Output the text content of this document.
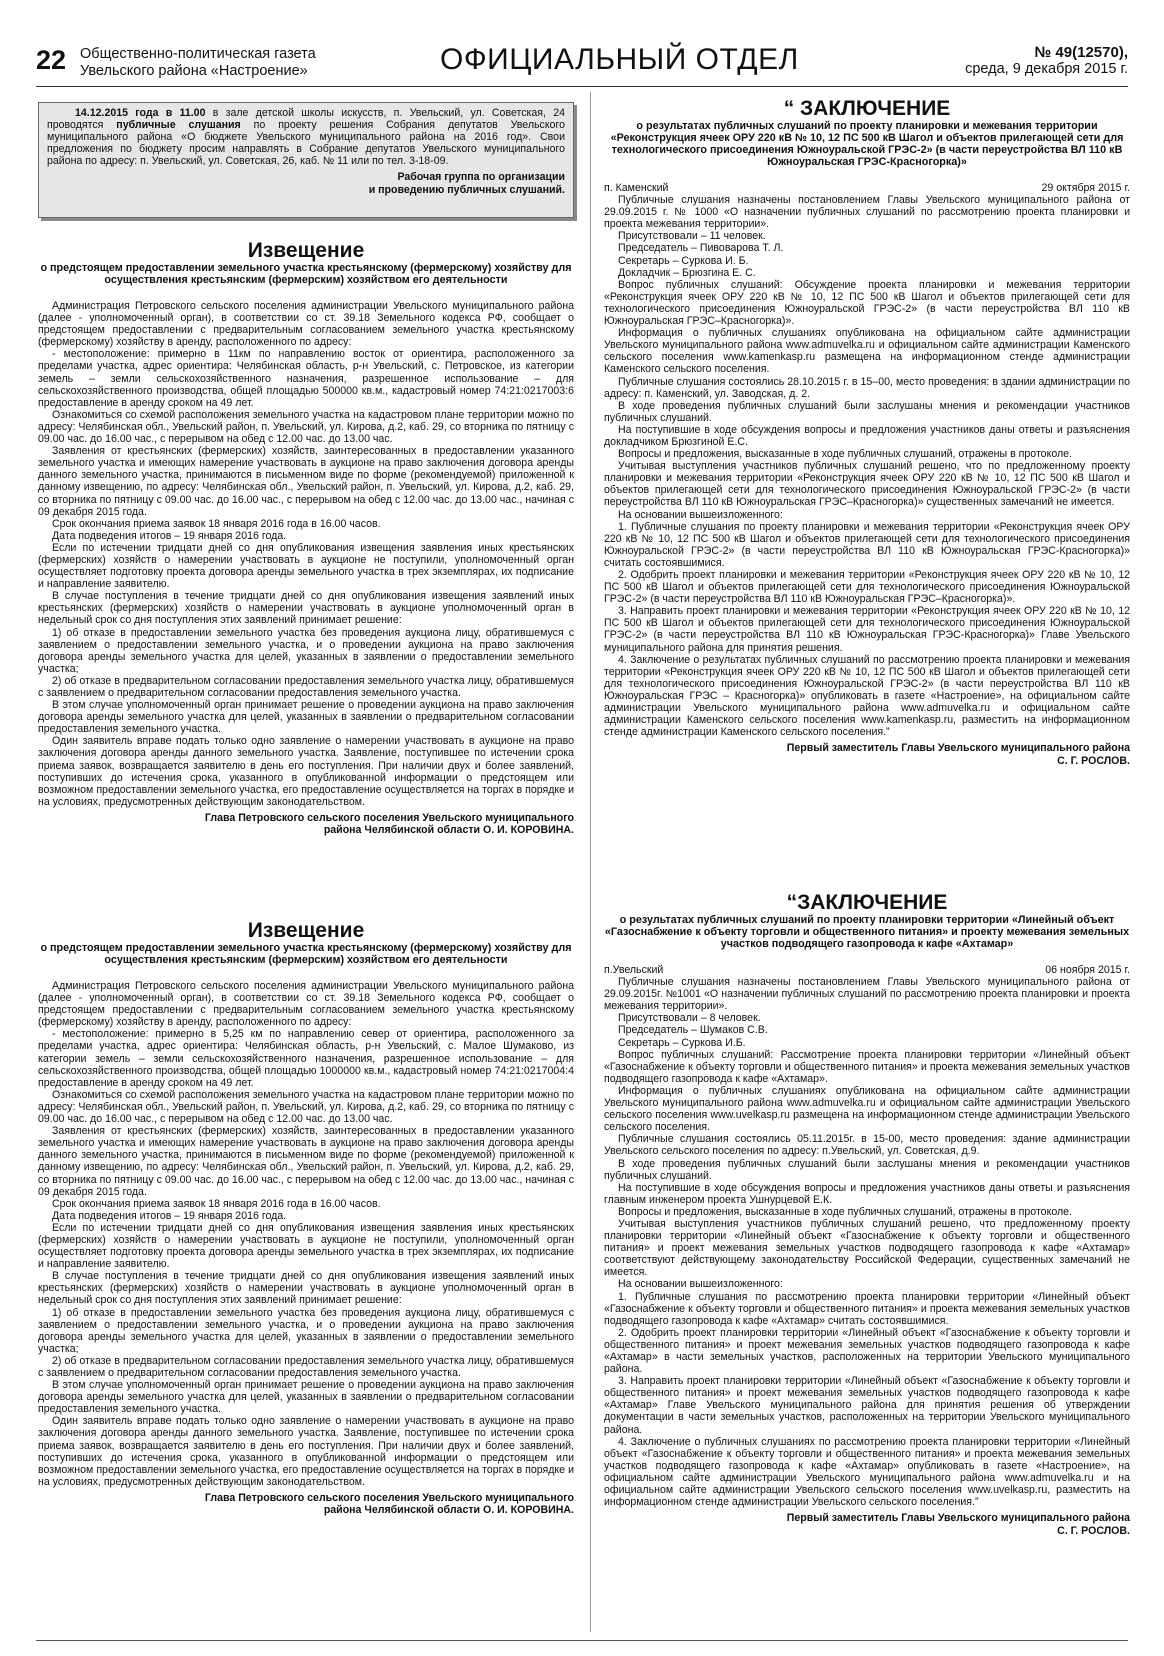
22 Общественно-политическая газета
Увельского района «Настроение»	ОФИЦИАЛЬНЫЙ ОТДЕЛ	№ 49(12570),
среда, 9 декабря 2015 г.

14.12.2015 года в 11.00 в зале детской школы искусств, п. Увельский, ул. Советская, 24 проводятся публичные слушания по проекту решения Собрания депутатов Увельского муниципального района «О бюджете Увельского муниципального района на 2016 год». Свои предложения по бюджету просим направлять в Собрание депутатов Увельского муниципального района по адресу: п. Увельский, ул. Советская, 26, каб. № 11 или по тел. 3-18-09.

Рабочая группа по организации
и проведению публичных слушаний.

Извещение
о предстоящем предоставлении земельного участка крестьянскому (фермерскому) хозяйству для осуществления крестьянским (фермерским) хозяйством его деятельности

Администрация Петровского сельского поселения администрации Увельского муниципального района (далее - уполномоченный орган), в соответствии со ст. 39.18 Земельного кодекса РФ, сообщает о предстоящем предоставлении с предварительным согласованием земельного участка крестьянскому (фермерскому) хозяйству в аренду, расположенного по адресу:

- местоположение: примерно в 11км по направлению восток от ориентира, расположенного за пределами участка, адрес ориентира: Челябинская область, р-н Увельский, с. Петровское, из категории земель – земли сельскохозяйственного назначения, разрешенное использование – для сельскохозяйственного производства, общей площадью 500000 кв.м., кадастровый номер 74:21:0217003:6 предоставление в аренду сроком на 49 лет.

Ознакомиться со схемой расположения земельного участка на кадастровом плане территории можно по адресу: Челябинская обл., Увельский район, п. Увельский, ул. Кирова, д.2, каб. 29, со вторника по пятницу с 09.00 час. до 16.00 час., с перерывом на обед с 12.00 час. до 13.00 час.

Заявления от крестьянских (фермерских) хозяйств, заинтересованных в предоставлении указанного земельного участка и имеющих намерение участвовать в аукционе на право заключения договора аренды данного земельного участка, принимаются в письменном виде по форме (рекомендуемой) приложенной к данному извещению, по адресу: Челябинская обл., Увельский район, п. Увельский, ул. Кирова, д.2, каб. 29, со вторника по пятницу с 09.00 час. до 16.00 час., с перерывом на обед с 12.00 час. до 13.00 час., начиная с 09 декабря 2015 года.

Срок окончания приема заявок 18 января 2016 года в 16.00 часов.

Дата подведения итогов – 19 января 2016 года.

Если по истечении тридцати дней со дня опубликования извещения заявления иных крестьянских (фермерских) хозяйств о намерении участвовать в аукционе не поступили, уполномоченный орган осуществляет подготовку проекта договора аренды земельного участка в трех экземплярах, их подписание и направление заявителю.

В случае поступления в течение тридцати дней со дня опубликования извещения заявлений иных крестьянских (фермерских) хозяйств о намерении участвовать в аукционе уполномоченный орган в недельный срок со дня поступления этих заявлений принимает решение:

1) об отказе в предоставлении земельного участка без проведения аукциона лицу, обратившемуся с заявлением о предоставлении земельного участка, и о проведении аукциона на право заключения договора аренды земельного участка для целей, указанных в заявлении о предоставлении земельного участка;

2) об отказе в предварительном согласовании предоставления земельного участка лицу, обратившемуся с заявлением о предварительном согласовании предоставления земельного участка.

В этом случае уполномоченный орган принимает решение о проведении аукциона на право заключения договора аренды земельного участка для целей, указанных в заявлении о предварительном согласовании предоставления земельного участка.

Один заявитель вправе подать только одно заявление о намерении участвовать в аукционе на право заключения договора аренды данного земельного участка. Заявление, поступившее по истечении срока приема заявок, возвращается заявителю в день его поступления. При наличии двух и более заявлений, поступивших до истечения срока, указанного в опубликованной информации о предстоящем или возможном предоставлении земельного участка, его предоставление осуществляется на торгах в порядке и на условиях, предусмотренных действующим законодательством.

Глава Петровского сельского поселения Увельского муниципального
района Челябинской области О. И. КОРОВИНА.
Извещение
о предстоящем предоставлении земельного участка крестьянскому (фермерскому) хозяйству для осуществления крестьянским (фермерским) хозяйством его деятельности

Администрация Петровского сельского поселения администрации Увельского муниципального района (далее - уполномоченный орган), в соответствии со ст. 39.18 Земельного кодекса РФ, сообщает о предстоящем предоставлении с предварительным согласованием земельного участка крестьянскому (фермерскому) хозяйству в аренду, расположенного по адресу:

- местоположение: примерно в 5,25 км по направлению север от ориентира, расположенного за пределами участка, адрес ориентира: Челябинская область, р-н Увельский, с. Малое Шумаково, из категории земель – земли сельскохозяйственного назначения, разрешенное использование – для сельскохозяйственного производства, общей площадью 1000000 кв.м., кадастровый номер 74:21:0217004:4 предоставление в аренду сроком на 49 лет.

Ознакомиться со схемой расположения земельного участка на кадастровом плане территории можно по адресу: Челябинская обл., Увельский район, п. Увельский, ул. Кирова, д.2, каб. 29, со вторника по пятницу с 09.00 час. до 16.00 час., с перерывом на обед с 12.00 час. до 13.00 час.

Заявления от крестьянских (фермерских) хозяйств, заинтересованных в предоставлении указанного земельного участка и имеющих намерение участвовать в аукционе на право заключения договора аренды данного земельного участка, принимаются в письменном виде по форме (рекомендуемой) приложенной к данному извещению, по адресу: Челябинская обл., Увельский район, п. Увельский, ул. Кирова, д.2, каб. 29, со вторника по пятницу с 09.00 час. до 16.00 час., с перерывом на обед с 12.00 час. до 13.00 час., начиная с 09 декабря 2015 года.

Срок окончания приема заявок 18 января 2016 года в 16.00 часов.

Дата подведения итогов – 19 января 2016 года.

Если по истечении тридцати дней со дня опубликования извещения заявления иных крестьянских (фермерских) хозяйств о намерении участвовать в аукционе не поступили, уполномоченный орган осуществляет подготовку проекта договора аренды земельного участка в трех экземплярах, их подписание и направление заявителю.

В случае поступления в течение тридцати дней со дня опубликования извещения заявлений иных крестьянских (фермерских) хозяйств о намерении участвовать в аукционе уполномоченный орган в недельный срок со дня поступления этих заявлений принимает решение:

1) об отказе в предоставлении земельного участка без проведения аукциона лицу, обратившемуся с заявлением о предоставлении земельного участка, и о проведении аукциона на право заключения договора аренды земельного участка для целей, указанных в заявлении о предоставлении земельного участка;

2) об отказе в предварительном согласовании предоставления земельного участка лицу, обратившемуся с заявлением о предварительном согласовании предоставления земельного участка.

В этом случае уполномоченный орган принимает решение о проведении аукциона на право заключения договора аренды земельного участка для целей, указанных в заявлении о предварительном согласовании предоставления земельного участка.

Один заявитель вправе подать только одно заявление о намерении участвовать в аукционе на право заключения договора аренды данного земельного участка. Заявление, поступившее по истечении срока приема заявок, возвращается заявителю в день его поступления. При наличии двух и более заявлений, поступивших до истечения срока, указанного в опубликованной информации о предстоящем или возможном предоставлении земельного участка, его предоставление осуществляется на торгах в порядке и на условиях, предусмотренных действующим законодательством.

Глава Петровского сельского поселения Увельского муниципального
района Челябинской области О. И. КОРОВИНА.
“ ЗАКЛЮЧЕНИЕ
о результатах публичных слушаний по проекту планировки и межевания территории «Реконструкция ячеек ОРУ 220 кВ № 10, 12 ПС 500 кВ Шагол и объектов прилегающей сети для технологического присоединения Южноуральской ГРЭС-2» (в части переустройства ВЛ 110 кВ Южноуральская ГРЭС-Красногорка)»
п. Каменский	29 октября 2015 г.

Публичные слушания назначены постановлением Главы Увельского муниципального района от 29.09.2015 г. № 1000 «О назначении публичных слушаний по рассмотрению проекта планировки и проекта межевания территории».

Присутствовали – 11 человек.

Председатель – Пивоварова Т. Л.

Секретарь – Суркова И. Б.

Докладчик – Брюзгина Е. С.

Вопрос публичных слушаний: Обсуждение проекта планировки и межевания территории «Реконструкция ячеек ОРУ 220 кВ № 10, 12 ПС 500 кВ Шагол и объектов прилегающей сети для технологического присоединения Южноуральской ГРЭС-2» (в части переустройства ВЛ 110 кВ Южноуральская ГРЭС–Красногорка)».

Информация о публичных слушаниях опубликована на официальном сайте администрации Увельского муниципального района www.admuvelka.ru и официальном сайте администрации Каменского сельского поселения www.kamenkasp.ru размещена на информационном стенде администрации Каменского сельского поселения.

Публичные слушания состоялись 28.10.2015 г. в 15–00, место проведения: в здании администрации по адресу: п. Каменский, ул. Заводская, д. 2.

В ходе проведения публичных слушаний были заслушаны мнения и рекомендации участников публичных слушаний.

На поступившие в ходе обсуждения вопросы и предложения участников даны ответы и разъяснения докладчиком Брюзгиной Е.С.

Вопросы и предложения, высказанные в ходе публичных слушаний, отражены в протоколе.

Учитывая выступления участников публичных слушаний решено, что по предложенному проекту планировки и межевания территории «Реконструкция ячеек ОРУ 220 кВ № 10, 12 ПС 500 кВ Шагол и объектов прилегающей сети для технологического присоединения Южноуральской ГРЭС-2» (в части переустройства ВЛ 110 кВ Южноуральская ГРЭС–Красногорка)» существенных замечаний не имеется.

На основании вышеизложенного:

1. Публичные слушания по проекту планировки и межевания территории «Реконструкция ячеек ОРУ 220 кВ № 10, 12 ПС 500 кВ Шагол и объектов прилегающей сети для технологического присоединения Южноуральской ГРЭС-2» (в части переустройства ВЛ 110 кВ Южноуральская ГРЭС-Красногорка)» считать состоявшимися.

2. Одобрить проект планировки и межевания территории «Реконструкция ячеек ОРУ 220 кВ № 10, 12 ПС 500 кВ Шагол и объектов прилегающей сети для технологического присоединения Южноуральской ГРЭС-2» (в части переустройства ВЛ 110 кВ Южноуральская ГРЭС–Красногорка)».

3. Направить проект планировки и межевания территории «Реконструкция ячеек ОРУ 220 кВ № 10, 12 ПС 500 кВ Шагол и объектов прилегающей сети для технологического присоединения Южноуральской ГРЭС-2» (в части переустройства ВЛ 110 кВ Южноуральская ГРЭС-Красногорка)» Главе Увельского муниципального района для принятия решения.

4. Заключение о результатах публичных слушаний по рассмотрению проекта планировки и межевания территории «Реконструкция ячеек ОРУ 220 кВ № 10, 12 ПС 500 кВ Шагол и объектов прилегающей сети для технологического присоединения Южноуральской ГРЭС-2» (в части переустройства ВЛ 110 кВ Южноуральская ГРЭС – Красногорка)» опубликовать в газете «Настроение», на официальном сайте администрации Увельского муниципального района www.admuvelka.ru и официальном сайте администрации Каменского сельского поселения www.kamenkasp.ru, разместить на информационном стенде администрации Каменского сельского поселения.”

Первый заместитель Главы Увельского муниципального района
С. Г. РОСЛОВ.
“ЗАКЛЮЧЕНИЕ
о результатах публичных слушаний по проекту планировки территории «Линейный объект «Газоснабжение к объекту торговли и общественного питания» и проекту межевания земельных участков подводящего газопровода к кафе «Ахтамар»
п.Увельский	06 ноября 2015 г.

Публичные слушания назначены постановлением Главы Увельского муниципального района от 29.09.2015г. №1001 «О назначении публичных слушаний по рассмотрению проекта планировки и проекта межевания территории».

Присутствовали – 8 человек.

Председатель – Шумаков С.В.

Секретарь – Суркова И.Б.

Вопрос публичных слушаний: Рассмотрение проекта планировки территории «Линейный объект «Газоснабжение к объекту торговли и общественного питания» и проекта межевания земельных участков подводящего газопровода к кафе «Ахтамар».

Информация о публичных слушаниях опубликована на официальном сайте администрации Увельского муниципального района www.admuvelka.ru и официальном сайте администрации Увельского сельского поселения www.uvelkasp.ru размещена на информационном стенде администрации Увельского сельского поселения.

Публичные слушания состоялись 05.11.2015г. в 15-00, место проведения: здание администрации Увельского сельского поселения по адресу: п.Увельский, ул. Советская, д.9.

В ходе проведения публичных слушаний были заслушаны мнения и рекомендации участников публичных слушаний.

На поступившие в ходе обсуждения вопросы и предложения участников даны ответы и разъяснения главным инженером проекта Ушнурцевой Е.К.

Вопросы и предложения, высказанные в ходе публичных слушаний, отражены в протоколе.

Учитывая выступления участников публичных слушаний решено, что предложенному проекту планировки территории «Линейный объект «Газоснабжение к объекту торговли и общественного питания» и проект межевания земельных участков подводящего газопровода к кафе «Ахтамар» соответствуют действующему законодательству Российской Федерации, существенных замечаний не имеется.

На основании вышеизложенного:

1. Публичные слушания по рассмотрению проекта планировки территории «Линейный объект «Газоснабжение к объекту торговли и общественного питания» и проекта межевания земельных участков подводящего газопровода к кафе «Ахтамар» считать состоявшимися.

2. Одобрить проект планировки территории «Линейный объект «Газоснабжение к объекту торговли и общественного питания» и проект межевания земельных участков подводящего газопровода к кафе «Ахтамар» в части земельных участков, расположенных на территории Увельского муниципального района.

3. Направить проект планировки территории «Линейный объект «Газоснабжение к объекту торговли и общественного питания» и проект межевания земельных участков подводящего газопровода к кафе «Ахтамар» Главе Увельского муниципального района для принятия решения об утверждении документации в части земельных участков, расположенных на территории Увельского муниципального района.

4. Заключение о публичных слушаниях по рассмотрению проекта планировки территории «Линейный объект «Газоснабжение к объекту торговли и общественного питания» и проекта межевания земельных участков подводящего газопровода к кафе «Ахтамар» опубликовать в газете «Настроение», на официальном сайте администрации Увельского муниципального района www.admuvelka.ru и на официальном сайте администрации Увельского сельского поселения www.uvelkasp.ru, разместить на информационном стенде администрации Увельского сельского поселения.”

Первый заместитель Главы Увельского муниципального района
С. Г. РОСЛОВ.
